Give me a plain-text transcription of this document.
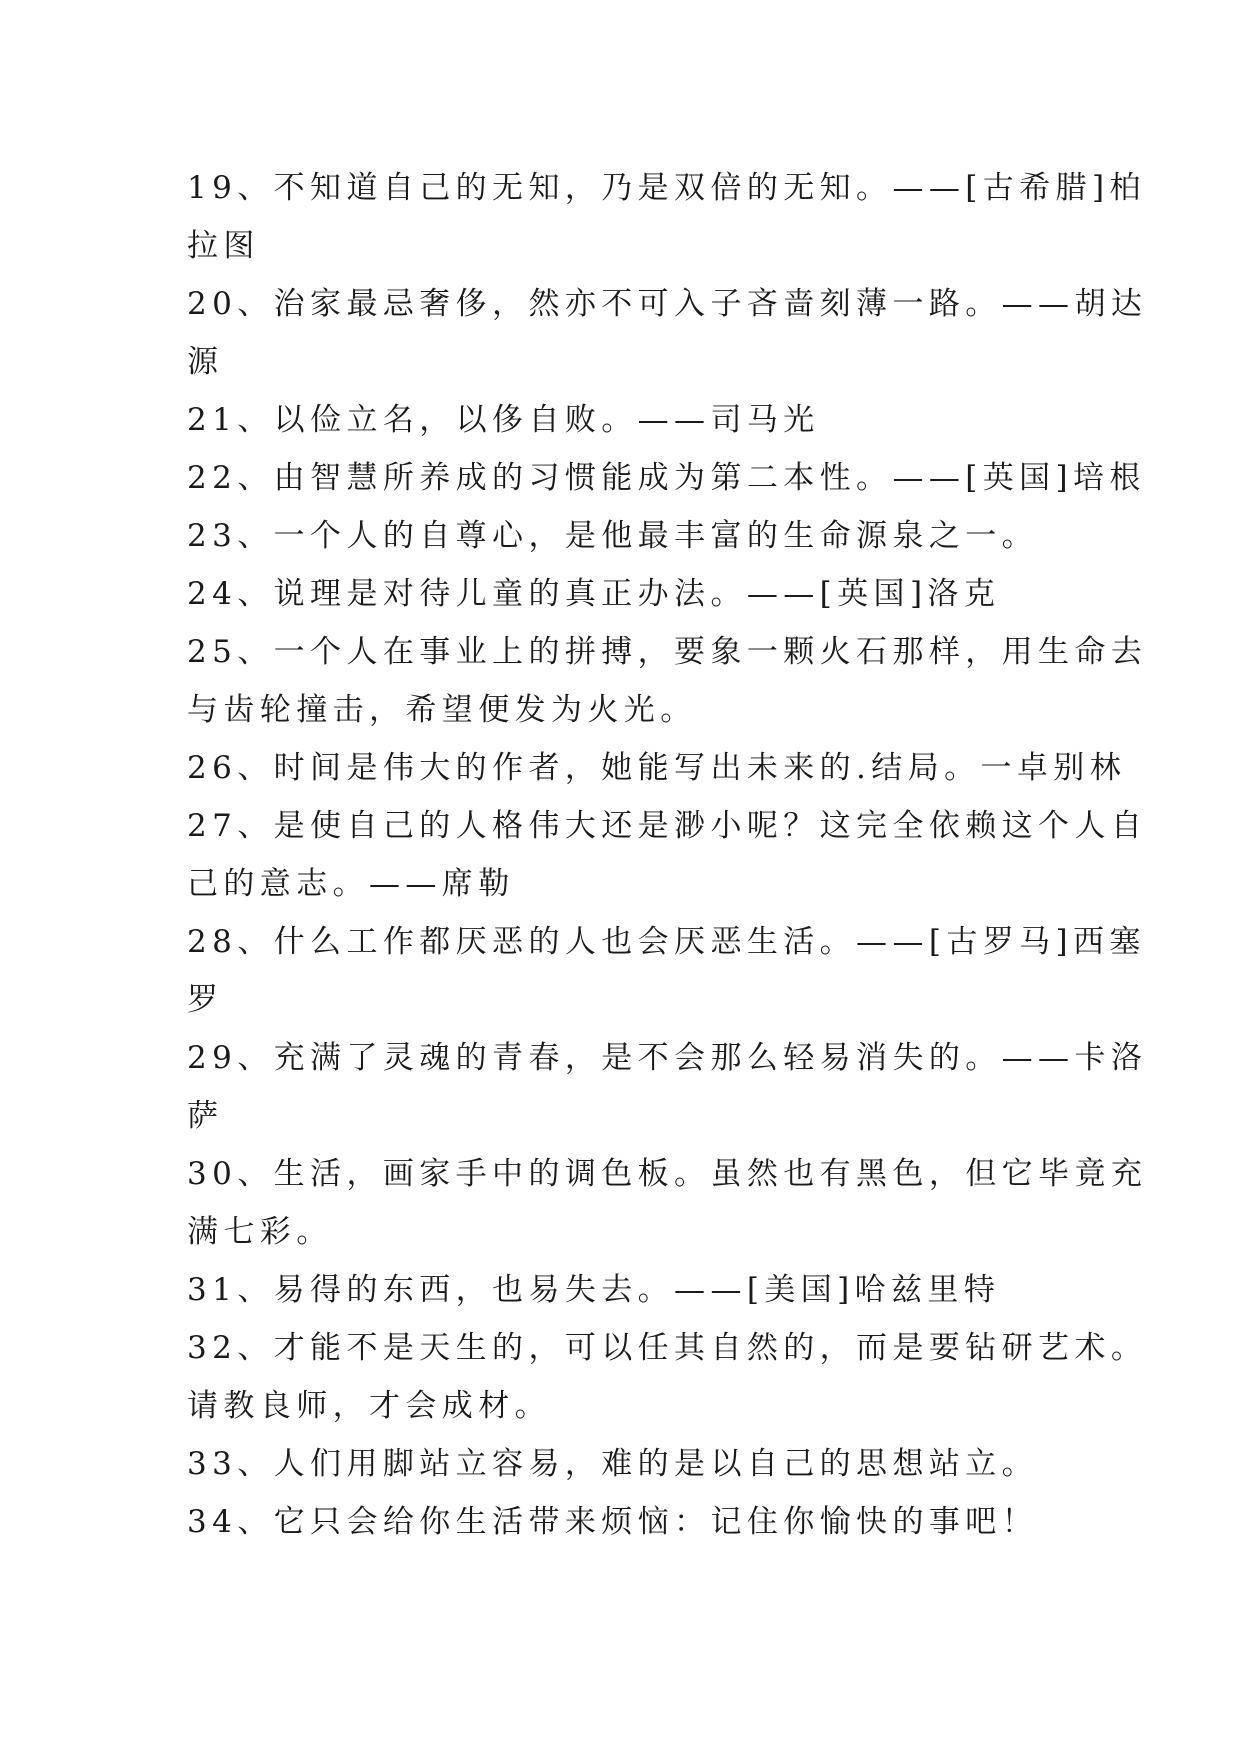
19、不知道自己的无知，乃是双倍的无知。——[古希腊]柏

拉图

20、治家最忌奢侈，然亦不可入子吝啬刻薄一路。——胡达

源

21、以俭立名，以侈自败。——司马光

22、由智慧所养成的习惯能成为第二本性。——[英国]培根

23、一个人的自尊心，是他最丰富的生命源泉之一。

24、说理是对待儿童的真正办法。——[英国]洛克

25、一个人在事业上的拼搏，要象一颗火石那样，用生命去

与齿轮撞击，希望便发为火光。

26、时间是伟大的作者，她能写出未来的.结局。一卓别林

27、是使自己的人格伟大还是渺小呢？这完全依赖这个人自

己的意志。——席勒

28、什么工作都厌恶的人也会厌恶生活。——[古罗马]西塞

罗

29、充满了灵魂的青春，是不会那么轻易消失的。——卡洛

萨

30、生活，画家手中的调色板。虽然也有黑色，但它毕竟充

满七彩。

31、易得的东西，也易失去。——[美国]哈兹里特

32、才能不是天生的，可以任其自然的，而是要钻研艺术。

请教良师，才会成材。

33、人们用脚站立容易，难的是以自己的思想站立。

34、它只会给你生活带来烦恼：记住你愉快的事吧！
